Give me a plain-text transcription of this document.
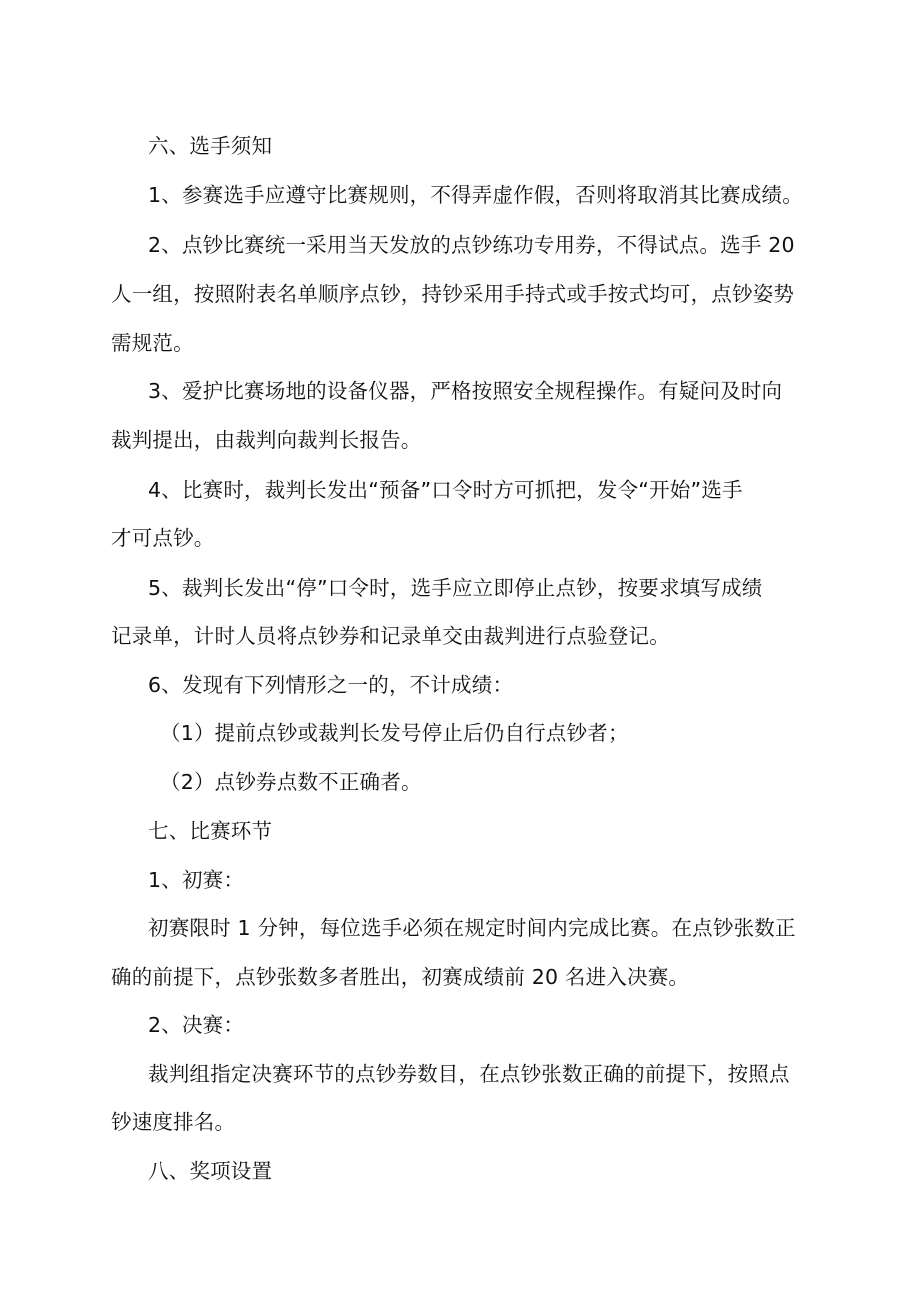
六、选手须知
1、参赛选手应遵守比赛规则，不得弄虚作假，否则将取消其比赛成绩。
2、点钞比赛统一采用当天发放的点钞练功专用券，不得试点。选手 20
人一组，按照附表名单顺序点钞，持钞采用手持式或手按式均可，点钞姿势
需规范。
3、爱护比赛场地的设备仪器，严格按照安全规程操作。有疑问及时向
裁判提出，由裁判向裁判长报告。
4、比赛时，裁判长发出“预备”口令时方可抓把，发令“开始”选手
才可点钞。
5、裁判长发出“停”口令时，选手应立即停止点钞，按要求填写成绩
记录单，计时人员将点钞券和记录单交由裁判进行点验登记。
6、发现有下列情形之一的，不计成绩：
（1）提前点钞或裁判长发号停止后仍自行点钞者；
（2）点钞券点数不正确者。
七、比赛环节
1、初赛：
初赛限时 1 分钟，每位选手必须在规定时间内完成比赛。在点钞张数正
确的前提下，点钞张数多者胜出，初赛成绩前 20 名进入决赛。
2、决赛：
裁判组指定决赛环节的点钞券数目，在点钞张数正确的前提下，按照点
钞速度排名。
八、奖项设置
